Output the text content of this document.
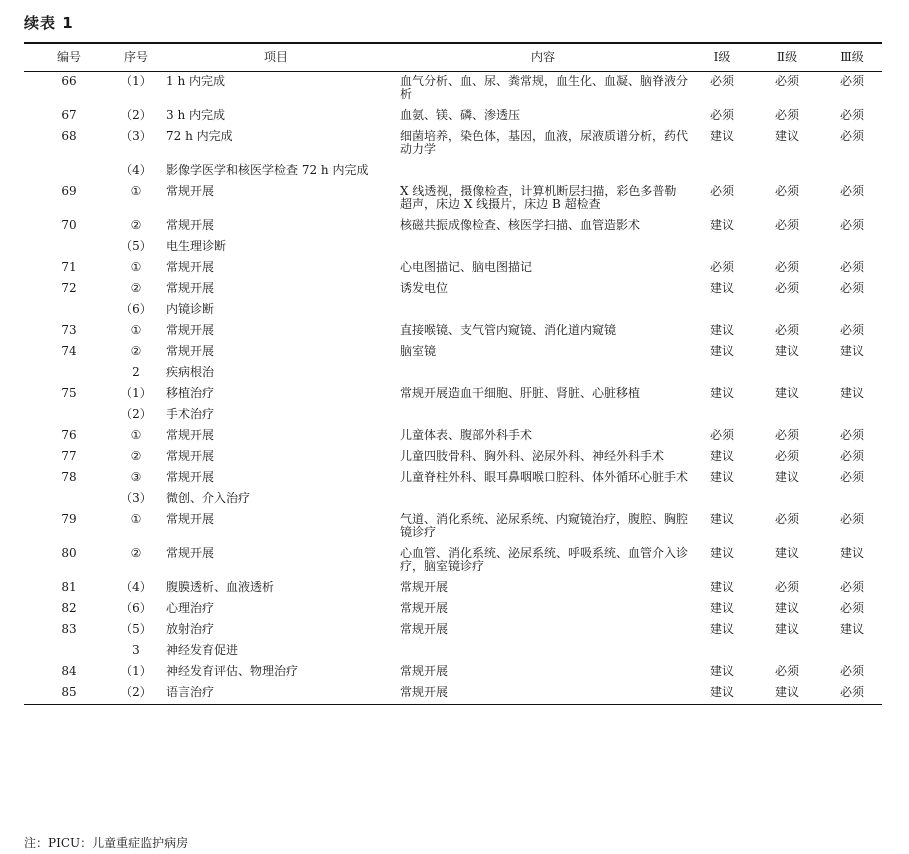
续表 1
编号	序号	项目	内容	Ⅰ级	Ⅱ级	Ⅲ级
66	（1）	1 h 内完成	血气分析、血、尿、粪常规，血生化、血凝、脑脊液分析	必须	必须	必须
67	（2）	3 h 内完成	血氨、镁、磷、渗透压	必须	必须	必须
68	（3）	72 h 内完成	细菌培养，染色体，基因，血液，尿液质谱分析，药代动力学	建议	建议	必须
	（4）	影像学医学和核医学检查 72 h 内完成				
69	①	常规开展	X 线透视，摄像检查，计算机断层扫描，彩色多普勒超声，床边 X 线摄片，床边 B 超检查	必须	必须	必须
70	②	常规开展	核磁共振成像检查、核医学扫描、血管造影术	建议	必须	必须
	（5）	电生理诊断				
71	①	常规开展	心电图描记、脑电图描记	必须	必须	必须
72	②	常规开展	诱发电位	建议	必须	必须
	（6）	内镜诊断				
73	①	常规开展	直接喉镜、支气管内窥镜、消化道内窥镜	建议	必须	必须
74	②	常规开展	脑室镜	建议	建议	建议
	2	疾病根治				
75	（1）	移植治疗	常规开展造血干细胞、肝脏、肾脏、心脏移植	建议	建议	建议
	（2）	手术治疗				
76	①	常规开展	儿童体表、腹部外科手术	必须	必须	必须
77	②	常规开展	儿童四肢骨科、胸外科、泌尿外科、神经外科手术	建议	必须	必须
78	③	常规开展	儿童脊柱外科、眼耳鼻咽喉口腔科、体外循环心脏手术	建议	建议	必须
	（3）	微创、介入治疗				
79	①	常规开展	气道、消化系统、泌尿系统、内窥镜治疗，腹腔、胸腔镜诊疗	建议	必须	必须
80	②	常规开展	心血管、消化系统、泌尿系统、呼吸系统、血管介入诊疗，脑室镜诊疗	建议	建议	建议
81	（4）	腹膜透析、血液透析	常规开展	建议	必须	必须
82	（6）	心理治疗	常规开展	建议	建议	必须
83	（5）	放射治疗	常规开展	建议	建议	建议
	3	神经发育促进				
84	（1）	神经发育评估、物理治疗	常规开展	建议	必须	必须
85	（2）	语言治疗	常规开展	建议	建议	必须
注：PICU：儿童重症监护病房
